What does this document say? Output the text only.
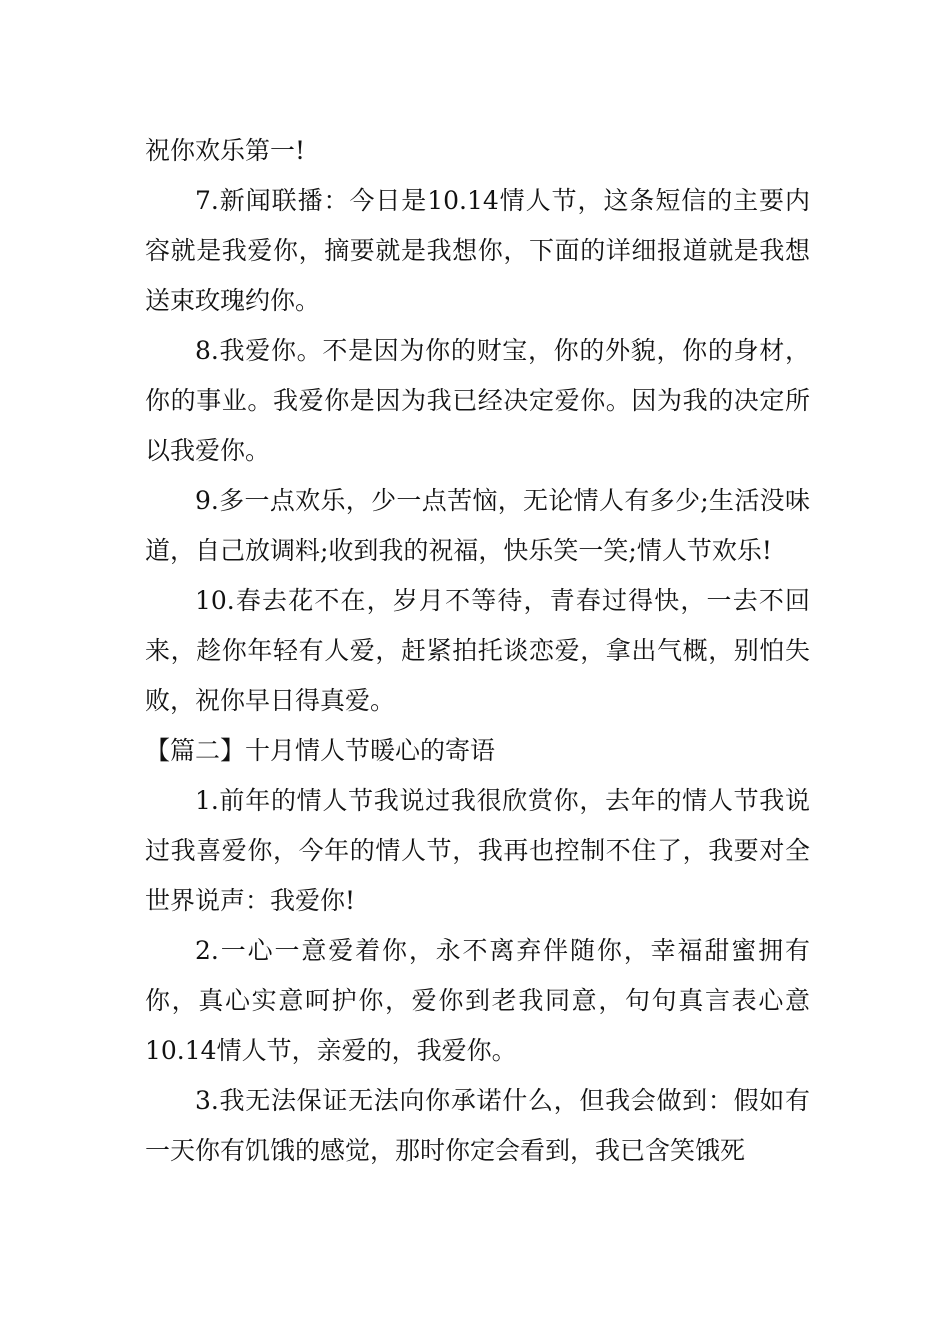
祝你欢乐第一!

7.新闻联播：今日是10.14情人节，这条短信的主要内容就是我爱你，摘要就是我想你，下面的详细报道就是我想送束玫瑰约你。

8.我爱你。不是因为你的财宝，你的外貌，你的身材，你的事业。我爱你是因为我已经决定爱你。因为我的决定所以我爱你。

9.多一点欢乐，少一点苦恼，无论情人有多少;生活没味道，自己放调料;收到我的祝福，快乐笑一笑;情人节欢乐!

10.春去花不在，岁月不等待，青春过得快，一去不回来，趁你年轻有人爱，赶紧拍托谈恋爱，拿出气概，别怕失败，祝你早日得真爱。

【篇二】十月情人节暖心的寄语

1.前年的情人节我说过我很欣赏你，去年的情人节我说过我喜爱你，今年的情人节，我再也控制不住了，我要对全世界说声：我爱你!

2.一心一意爱着你，永不离弃伴随你，幸福甜蜜拥有你，真心实意呵护你，爱你到老我同意，句句真言表心意10.14情人节，亲爱的，我爱你。

3.我无法保证无法向你承诺什么，但我会做到：假如有一天你有饥饿的感觉，那时你定会看到，我已含笑饿死
